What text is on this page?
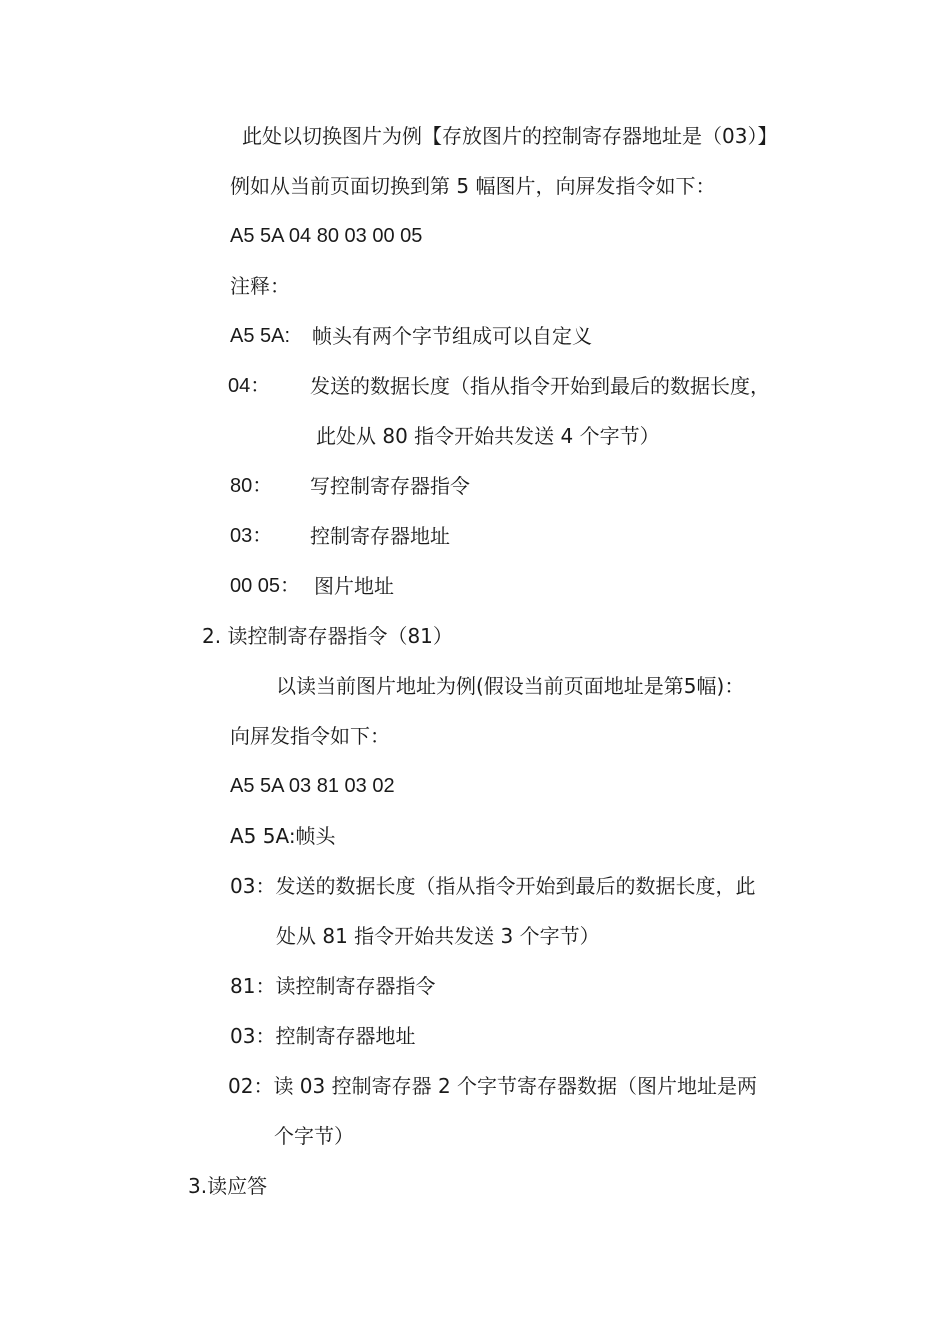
此处以切换图片为例【存放图片的控制寄存器地址是（03）】

例如从当前页面切换到第 5 幅图片，向屏发指令如下：

A5 5A 04 80 03 00 05

注释：

A5 5A: 帧头有两个字节组成可以自定义
04： 发送的数据长度（指从指令开始到最后的数据长度，
此处从 80 指令开始共发送 4 个字节）
80： 写控制寄存器指令
03： 控制寄存器地址
00 05： 图片地址

2. 读控制寄存器指令（81）

以读当前图片地址为例(假设当前页面地址是第5幅)：

向屏发指令如下：

A5 5A 03 81 03 02

A5 5A:帧头

03：发送的数据长度（指从指令开始到最后的数据长度，此

处从 81 指令开始共发送 3 个字节）

81：读控制寄存器指令

03：控制寄存器地址

02：读 03 控制寄存器 2 个字节寄存器数据（图片地址是两

个字节）

3.读应答
